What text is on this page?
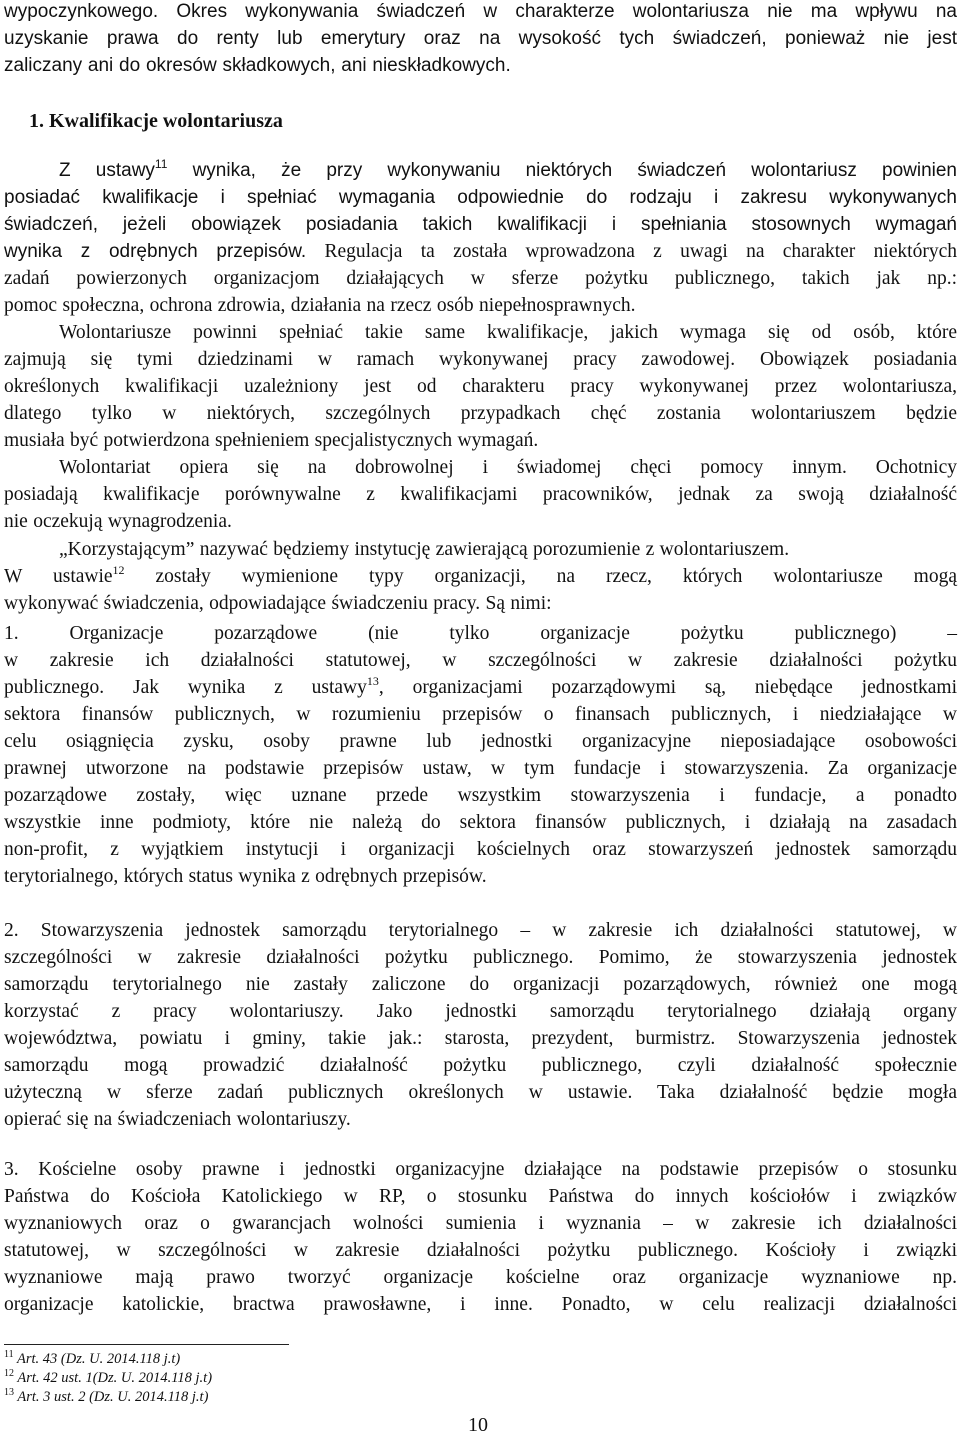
wypoczynkowego. Okres wykonywania świadczeń w charakterze wolontariusza nie ma wpływu na
uzyskanie prawa do renty lub emerytury oraz na wysokość tych świadczeń, ponieważ nie jest
zaliczany ani do okresów składkowych, ani nieskładkowych.
1. Kwalifikacje wolontariusza
Z ustawy$^{11}$ wynika, że przy wykonywaniu niektórych świadczeń wolontariusz powinien
posiadać kwalifikacje i spełniać wymagania odpowiednie do rodzaju i zakresu wykonywanych
świadczeń, jeżeli obowiązek posiadania takich kwalifikacji i spełniania stosownych wymagań
wynika z odrębnych przepisów. Regulacja ta została wprowadzona z uwagi na charakter niektórych
zadań powierzonych organizacjom działających w sferze pożytku publicznego, takich jak np.:
pomoc społeczna, ochrona zdrowia, działania na rzecz osób niepełnosprawnych.
Wolontariusze powinni spełniać takie same kwalifikacje, jakich wymaga się od osób, które
zajmują się tymi dziedzinami w ramach wykonywanej pracy zawodowej. Obowiązek posiadania
określonych kwalifikacji uzależniony jest od charakteru pracy wykonywanej przez wolontariusza,
dlatego tylko w niektórych, szczególnych przypadkach chęć zostania wolontariuszem będzie
musiała być potwierdzona spełnieniem specjalistycznych wymagań.
Wolontariat opiera się na dobrowolnej i świadomej chęci pomocy innym. Ochotnicy
posiadają kwalifikacje porównywalne z kwalifikacjami pracowników, jednak za swoją działalność
nie oczekują wynagrodzenia.
„Korzystającym” nazywać będziemy instytucję zawierającą porozumienie z wolontariuszem.
W ustawie$^{12}$ zostały wymienione typy organizacji, na rzecz, których wolontariusze mogą
wykonywać świadczenia, odpowiadające świadczeniu pracy. Są nimi:
1. Organizacje pozarządowe (nie tylko organizacje pożytku publicznego) –
w zakresie ich działalności statutowej, w szczególności w zakresie działalności pożytku
publicznego. Jak wynika z ustawy$^{13}$, organizacjami pozarządowymi są, niebędące jednostkami
sektora finansów publicznych, w rozumieniu przepisów o finansach publicznych, i niedziałające w
celu osiągnięcia zysku, osoby prawne lub jednostki organizacyjne nieposiadające osobowości
prawnej utworzone na podstawie przepisów ustaw, w tym fundacje i stowarzyszenia. Za organizacje
pozarządowe zostały, więc uznane przede wszystkim stowarzyszenia i fundacje, a ponadto
wszystkie inne podmioty, które nie należą do sektora finansów publicznych, i działają na zasadach
non-profit, z wyjątkiem instytucji i organizacji kościelnych oraz stowarzyszeń jednostek samorządu
terytorialnego, których status wynika z odrębnych przepisów.
2. Stowarzyszenia jednostek samorządu terytorialnego – w zakresie ich działalności statutowej, w
szczególności w zakresie działalności pożytku publicznego. Pomimo, że stowarzyszenia jednostek
samorządu terytorialnego nie zastały zaliczone do organizacji pozarządowych, również one mogą
korzystać z pracy wolontariuszy. Jako jednostki samorządu terytorialnego działają organy
województwa, powiatu i gminy, takie jak.: starosta, prezydent, burmistrz. Stowarzyszenia jednostek
samorządu mogą prowadzić działalność pożytku publicznego, czyli działalność społecznie
użyteczną w sferze zadań publicznych określonych w ustawie. Taka działalność będzie mogła
opierać się na świadczeniach wolontariuszy.
3. Kościelne osoby prawne i jednostki organizacyjne działające na podstawie przepisów o stosunku
Państwa do Kościoła Katolickiego w RP, o stosunku Państwa do innych kościołów i związków
wyznaniowych oraz o gwarancjach wolności sumienia i wyznania – w zakresie ich działalności
statutowej, w szczególności w zakresie działalności pożytku publicznego. Kościoły i związki
wyznaniowe mają prawo tworzyć organizacje kościelne oraz organizacje wyznaniowe np.
organizacje katolickie, bractwa prawosławne, i inne. Ponadto, w celu realizacji działalności
$^{11}$ Art. 43 (Dz. U. 2014.118 j.t)
$^{12}$ Art. 42 ust. 1(Dz. U. 2014.118 j.t)
$^{13}$ Art. 3 ust. 2 (Dz. U. 2014.118 j.t)
10
